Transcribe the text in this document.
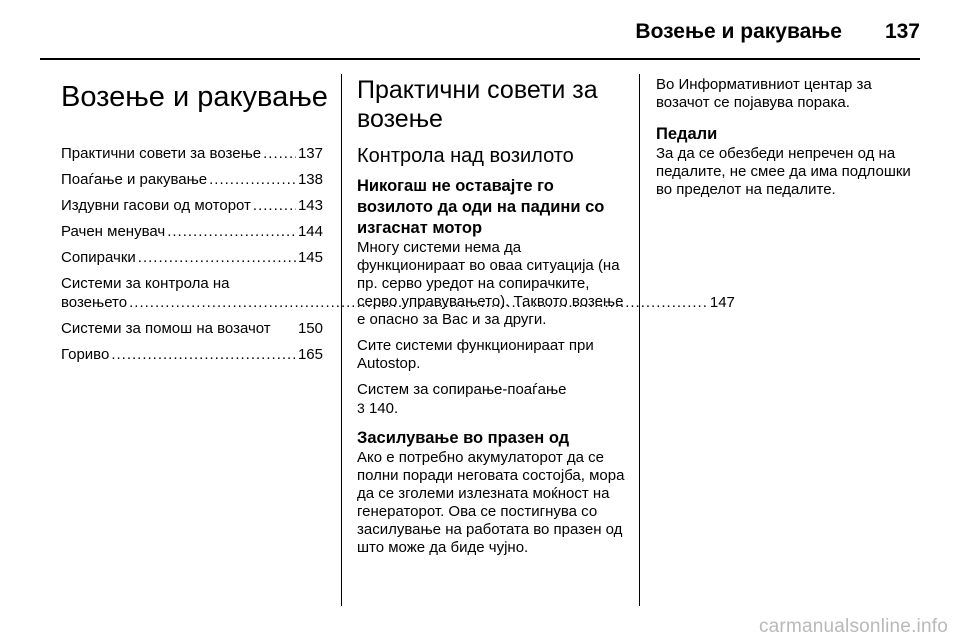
Возење и ракување 137
Возење и ракување
Практични совети за возење ..... 137
Поаѓање и ракување .....	138
Издувни гасови од моторот .....	143
Рачен менувач .....	144
Сопирачки .....	145
Системи за контрола на
возењето .....	147
Системи за помош на возачот 150
Гориво .....	165
Практични совети за возење
Контрола над возилото
Никогаш не оставајте го возилото да оди на падини со изгаснат мотор

Многу системи нема да функционираат во оваа ситуација (на пр. серво уредот на сопирачките, серво управувањето). Таквото возење е опасно за Вас и за други.

Сите системи функционираат при Autostop.

Систем за сопирање-поаѓање
3 140.

Засилување во празен од

Ако е потребно акумулаторот да се полни поради неговата состојба, мора да се зголеми излезната моќност на генераторот. Ова се постигнува со засилување на работата во празен од што може да биде чујно.

Во Информативниот центар за возачот се појавува порака.

Педали

За да се обезбеди непречен од на педалите, не смее да има подлошки во пределот на педалите.

carmanualsonline.info
